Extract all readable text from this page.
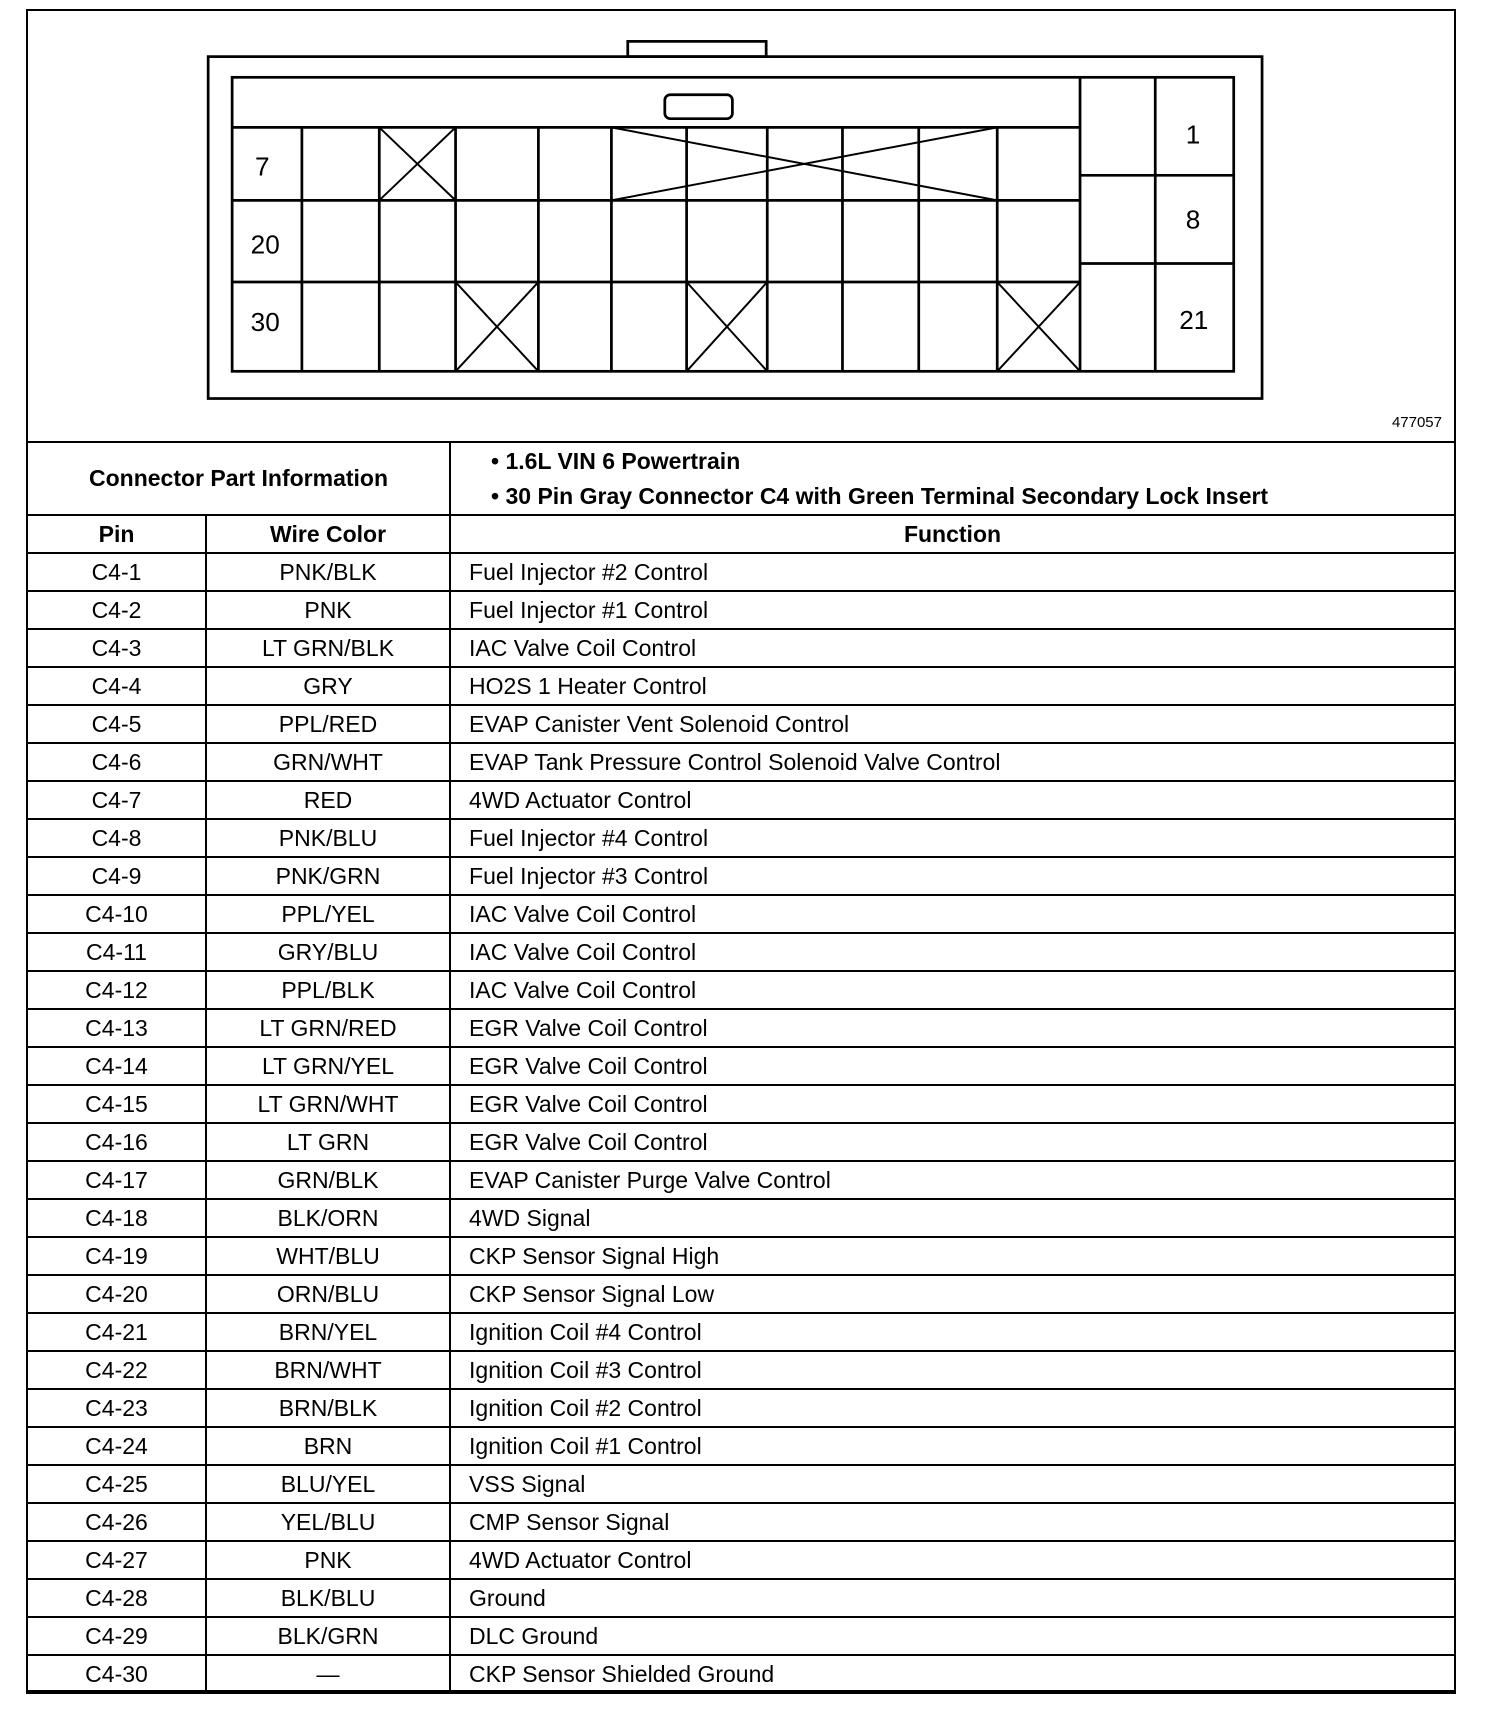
7
20
30
1
8
21
477057
Connector Part Information		• 1.6L VIN 6 Powertrain
• 30 Pin Gray Connector C4 with Green Terminal Secondary Lock Insert

Pin	Wire Color	Function
C4-1	PNK/BLK	Fuel Injector #2 Control
C4-2	PNK	Fuel Injector #1 Control
C4-3	LT GRN/BLK	IAC Valve Coil Control
C4-4	GRY	HO2S 1 Heater Control
C4-5	PPL/RED	EVAP Canister Vent Solenoid Control
C4-6	GRN/WHT	EVAP Tank Pressure Control Solenoid Valve Control
C4-7	RED	4WD Actuator Control
C4-8	PNK/BLU	Fuel Injector #4 Control
C4-9	PNK/GRN	Fuel Injector #3 Control
C4-10	PPL/YEL	IAC Valve Coil Control
C4-11	GRY/BLU	IAC Valve Coil Control
C4-12	PPL/BLK	IAC Valve Coil Control
C4-13	LT GRN/RED	EGR Valve Coil Control
C4-14	LT GRN/YEL	EGR Valve Coil Control
C4-15	LT GRN/WHT	EGR Valve Coil Control
C4-16	LT GRN	EGR Valve Coil Control
C4-17	GRN/BLK	EVAP Canister Purge Valve Control
C4-18	BLK/ORN	4WD Signal
C4-19	WHT/BLU	CKP Sensor Signal High
C4-20	ORN/BLU	CKP Sensor Signal Low
C4-21	BRN/YEL	Ignition Coil #4 Control
C4-22	BRN/WHT	Ignition Coil #3 Control
C4-23	BRN/BLK	Ignition Coil #2 Control
C4-24	BRN	Ignition Coil #1 Control
C4-25	BLU/YEL	VSS Signal
C4-26	YEL/BLU	CMP Sensor Signal
C4-27	PNK	4WD Actuator Control
C4-28	BLK/BLU	Ground
C4-29	BLK/GRN	DLC Ground
C4-30	—	CKP Sensor Shielded Ground
